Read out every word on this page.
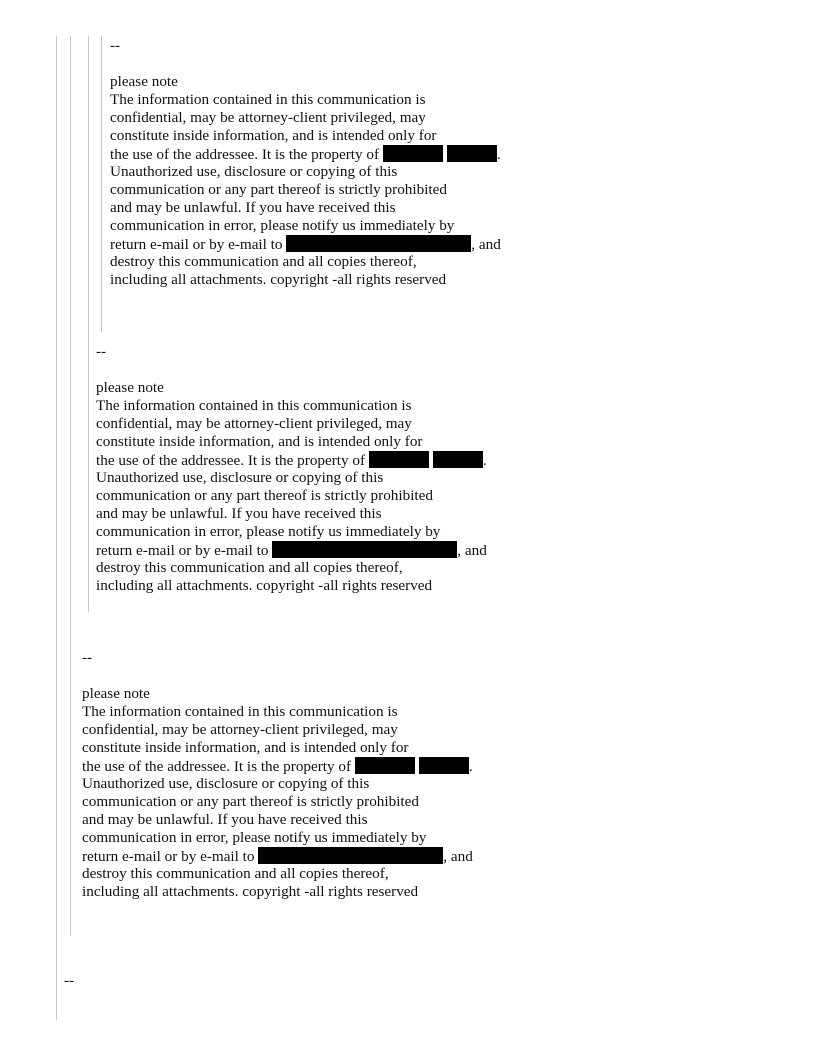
--
please note
The information contained in this communication is
confidential, may be attorney-client privileged, may
constitute inside information, and is intended only for
the use of the addressee. It is the property of	.
Unauthorized use, disclosure or copying of this
communication or any part thereof is strictly prohibited
and may be unlawful. If you have received this
communication in error, please notify us immediately by
return e-mail or by e-mail to	, and
destroy this communication and all copies thereof,
including all attachments. copyright -all rights reserved
--
please note
The information contained in this communication is
confidential, may be attorney-client privileged, may
constitute inside information, and is intended only for
the use of the addressee. It is the property of	.
Unauthorized use, disclosure or copying of this
communication or any part thereof is strictly prohibited
and may be unlawful. If you have received this
communication in error, please notify us immediately by
return e-mail or by e-mail to	, and
destroy this communication and all copies thereof,
including all attachments. copyright -all rights reserved
--
please note
The information contained in this communication is
confidential, may be attorney-client privileged, may
constitute inside information, and is intended only for
the use of the addressee. It is the property of	.
Unauthorized use, disclosure or copying of this
communication or any part thereof is strictly prohibited
and may be unlawful. If you have received this
communication in error, please notify us immediately by
return e-mail or by e-mail to	, and
destroy this communication and all copies thereof,
including all attachments. copyright -all rights reserved
--
